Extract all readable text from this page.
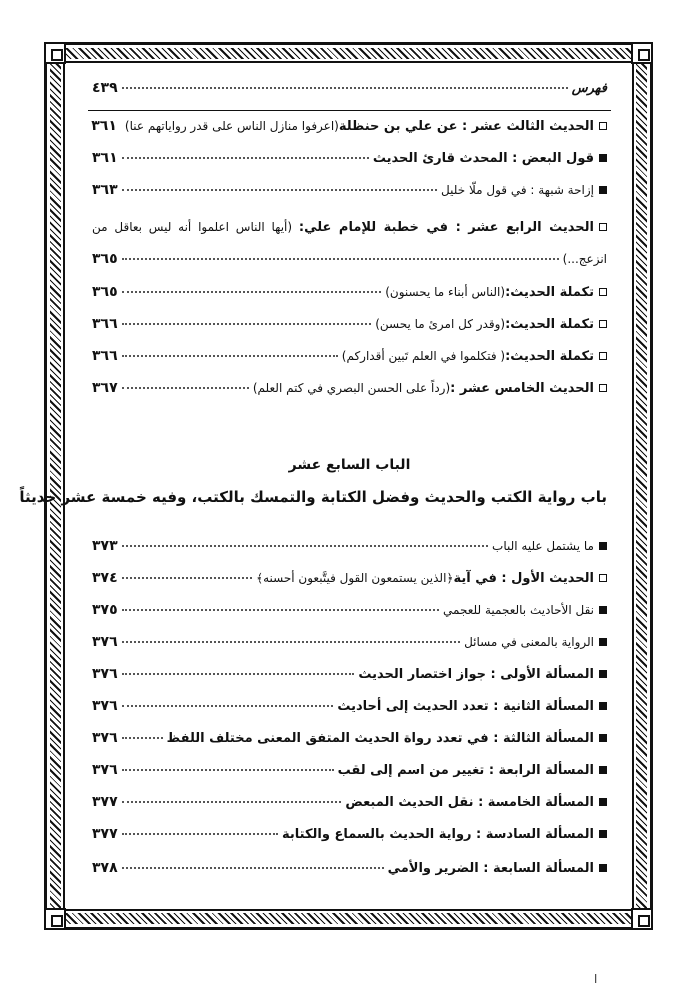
فهرس
٤٣٩
الحديث الثالث عشر : عن علي بن حنظلة
(اعرفوا منازل الناس على قدر رواياتهم عنا)
٣٦١
قول البعض : المحدث قارئ الحديث
٣٦١
إزاحة شبهة : في قول ملّا خليل
٣٦٣
الحديث الرابع عشر : في خطبة للإمام علي: (أيها الناس اعلموا أنه ليس بعاقل من
انزعج...)
٣٦٥
تكملة الحديث:
(الناس أبناء ما يحسنون)
٣٦٥
تكملة الحديث:
(وقدر كل امرئ ما يحسن)
٣٦٦
تكملة الحديث:
( فتكلموا في العلم تَبين أقداركم)
٣٦٦
الحديث الخامس عشر :
(رداً على الحسن البصري في كتم العلم)
٣٦٧
الباب السابع عشر
باب رواية الكتب والحديث وفضل الكتابة والتمسك بالكتب، وفيه خمسة عشر حديثاً
ما يشتمل عليه الباب
٣٧٣
الحديث الأول : في آية
﴿الذين يستمعون القول فيتَّبعون أحسنه﴾
٣٧٤
نقل الأحاديث بالعجمية للعجمي
٣٧٥
الرواية بالمعنى في مسائل
٣٧٦
المسألة الأولى : جواز اختصار الحديث
٣٧٦
المسألة الثانية : تعدد الحديث إلى أحاديث
٣٧٦
المسألة الثالثة : في تعدد رواة الحديث المتفق المعنى مختلف اللفظ
٣٧٦
المسألة الرابعة : تغيير من اسم إلى لقب
٣٧٦
المسألة الخامسة : نقل الحديث المبعض
٣٧٧
المسألة السادسة : رواية الحديث بالسماع والكتابة
٣٧٧
المسألة السابعة : الضرير والأمي
٣٧٨
ا
